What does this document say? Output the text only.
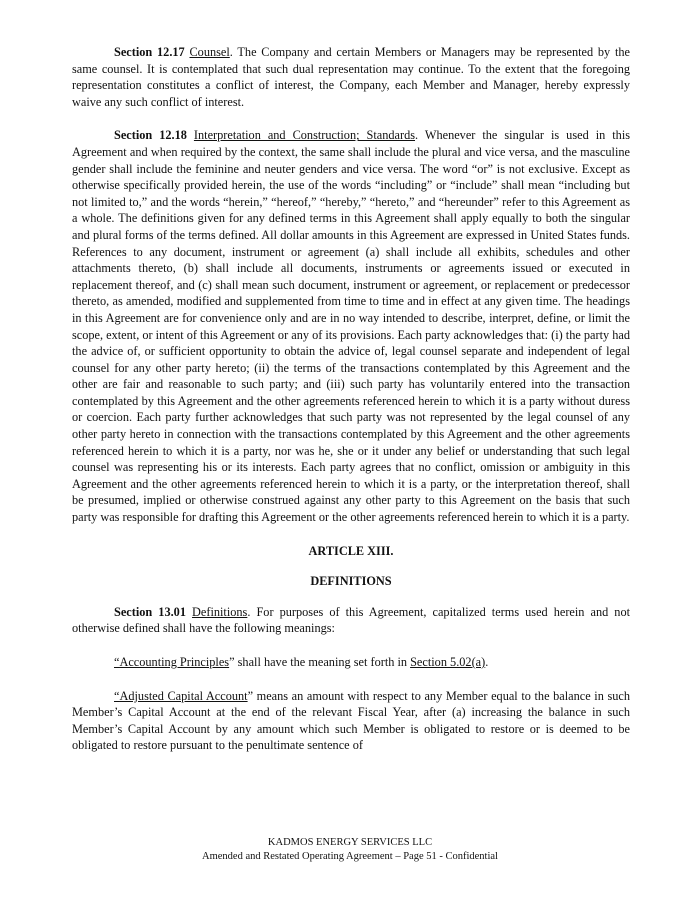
Section 12.17 Counsel. The Company and certain Members or Managers may be represented by the same counsel. It is contemplated that such dual representation may continue. To the extent that the foregoing representation constitutes a conflict of interest, the Company, each Member and Manager, hereby expressly waive any such conflict of interest.

Section 12.18 Interpretation and Construction; Standards. Whenever the singular is used in this Agreement and when required by the context, the same shall include the plural and vice versa, and the masculine gender shall include the feminine and neuter genders and vice versa. The word “or” is not exclusive. Except as otherwise specifically provided herein, the use of the words “including” or “include” shall mean “including but not limited to,” and the words “herein,” “hereof,” “hereby,” “hereto,” and “hereunder” refer to this Agreement as a whole. The definitions given for any defined terms in this Agreement shall apply equally to both the singular and plural forms of the terms defined. All dollar amounts in this Agreement are expressed in United States funds. References to any document, instrument or agreement (a) shall include all exhibits, schedules and other attachments thereto, (b) shall include all documents, instruments or agreements issued or executed in replacement thereof, and (c) shall mean such document, instrument or agreement, or replacement or predecessor thereto, as amended, modified and supplemented from time to time and in effect at any given time. The headings in this Agreement are for convenience only and are in no way intended to describe, interpret, define, or limit the scope, extent, or intent of this Agreement or any of its provisions. Each party acknowledges that: (i) the party had the advice of, or sufficient opportunity to obtain the advice of, legal counsel separate and independent of legal counsel for any other party hereto; (ii) the terms of the transactions contemplated by this Agreement and the other are fair and reasonable to such party; and (iii) such party has voluntarily entered into the transaction contemplated by this Agreement and the other agreements referenced herein to which it is a party without duress or coercion. Each party further acknowledges that such party was not represented by the legal counsel of any other party hereto in connection with the transactions contemplated by this Agreement and the other agreements referenced herein to which it is a party, nor was he, she or it under any belief or understanding that such legal counsel was representing his or its interests. Each party agrees that no conflict, omission or ambiguity in this Agreement and the other agreements referenced herein to which it is a party, or the interpretation thereof, shall be presumed, implied or otherwise construed against any other party to this Agreement on the basis that such party was responsible for drafting this Agreement or the other agreements referenced herein to which it is a party.

ARTICLE XIII.

DEFINITIONS

Section 13.01 Definitions. For purposes of this Agreement, capitalized terms used herein and not otherwise defined shall have the following meanings:

“Accounting Principles” shall have the meaning set forth in Section 5.02(a).

“Adjusted Capital Account” means an amount with respect to any Member equal to the balance in such Member’s Capital Account at the end of the relevant Fiscal Year, after (a) increasing the balance in such Member’s Capital Account by any amount which such Member is obligated to restore or is deemed to be obligated to restore pursuant to the penultimate sentence of

KADMOS ENERGY SERVICES LLC
Amended and Restated Operating Agreement – Page 51 - Confidential
